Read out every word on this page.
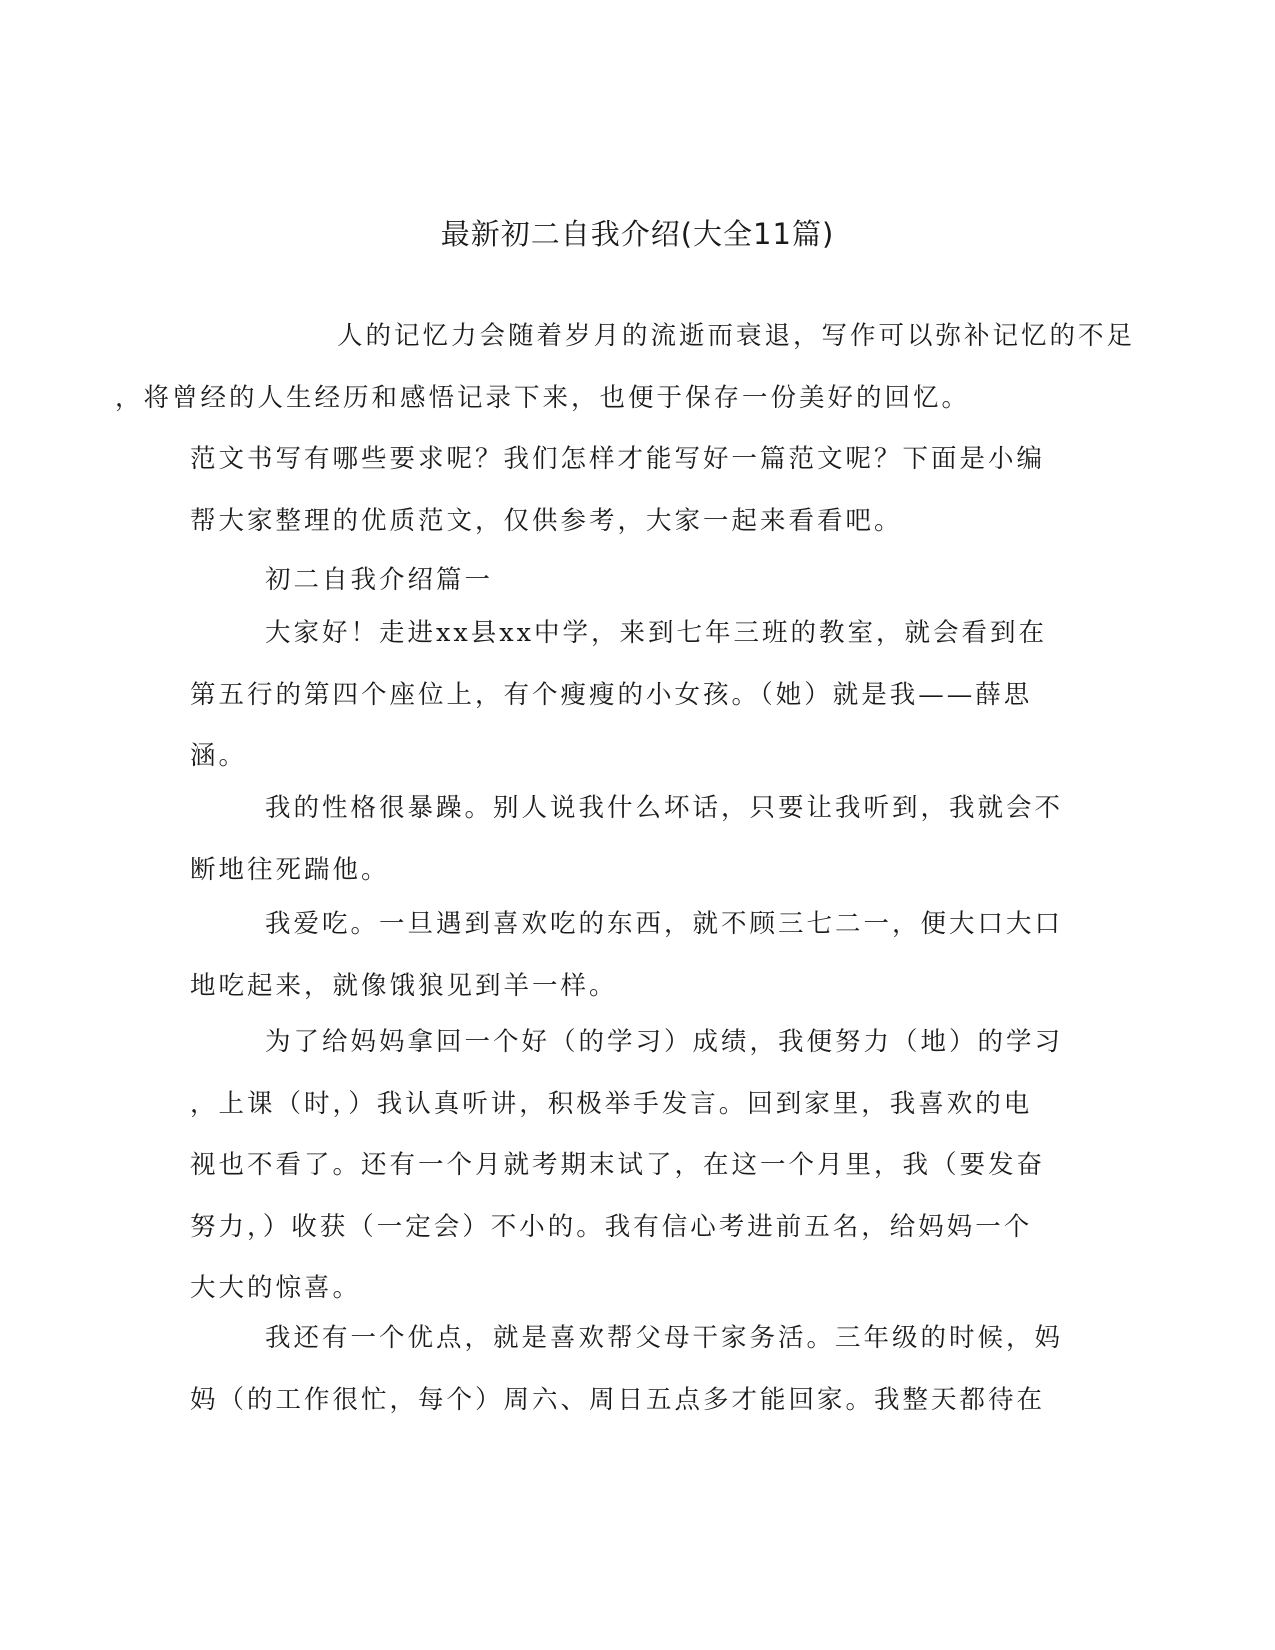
最新初二自我介绍(大全11篇)
人的记忆力会随着岁月的流逝而衰退，写作可以弥补记忆的不足
，将曾经的人生经历和感悟记录下来，也便于保存一份美好的回忆。
范文书写有哪些要求呢？我们怎样才能写好一篇范文呢？下面是小编
帮大家整理的优质范文，仅供参考，大家一起来看看吧。
初二自我介绍篇一
大家好！走进xx县xx中学，来到七年三班的教室，就会看到在
第五行的第四个座位上，有个瘦瘦的小女孩。（她）就是我——薛思
涵。
我的性格很暴躁。别人说我什么坏话，只要让我听到，我就会不
断地往死踹他。
我爱吃。一旦遇到喜欢吃的东西，就不顾三七二一，便大口大口
地吃起来，就像饿狼见到羊一样。
为了给妈妈拿回一个好（的学习）成绩，我便努力（地）的学习
，上课（时，）我认真听讲，积极举手发言。回到家里，我喜欢的电
视也不看了。还有一个月就考期末试了，在这一个月里，我（要发奋
努力，）收获（一定会）不小的。我有信心考进前五名，给妈妈一个
大大的惊喜。
我还有一个优点，就是喜欢帮父母干家务活。三年级的时候，妈
妈（的工作很忙，每个）周六、周日五点多才能回家。我整天都待在
